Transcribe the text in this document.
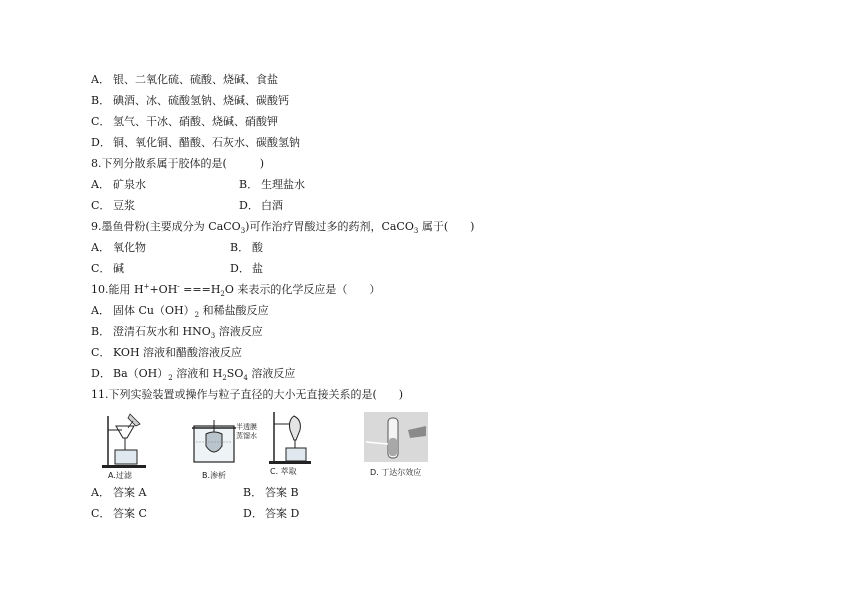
A． 银、二氧化硫、硫酸、烧碱、食盐
B． 碘酒、冰、硫酸氢钠、烧碱、碳酸钙
C． 氢气、干冰、硝酸、烧碱、硝酸钾
D． 铜、氧化铜、醋酸、石灰水、碳酸氢钠
8.下列分散系属于胶体的是(　　　)
A． 矿泉水	B． 生理盐水
C． 豆浆	D． 白酒
9.墨鱼骨粉(主要成分为 CaCO$_3$)可作治疗胃酸过多的药剂，CaCO$_3$ 属于(　　)
A． 氧化物	B． 酸
C． 碱	D． 盐
10.能用 $H^++OH^- ===H_2O$ 来表示的化学反应是（　　）
A． 固体 $Cu(OH)_2$ 和稀盐酸反应
B． 澄清石灰水和 $HNO_3$ 溶液反应
C． KOH 溶液和醋酸溶液反应
D． $Ba(OH)_2$ 溶液和 $H_2SO_4$ 溶液反应
11.下列实验装置或操作与粒子直径的大小无直接关系的是(　　)
A.过滤
半透膜
蒸馏水
B.渗析	C. 萃取	D. 丁达尔效应
A． 答案 A	B． 答案 B
C． 答案 C	D． 答案 D
